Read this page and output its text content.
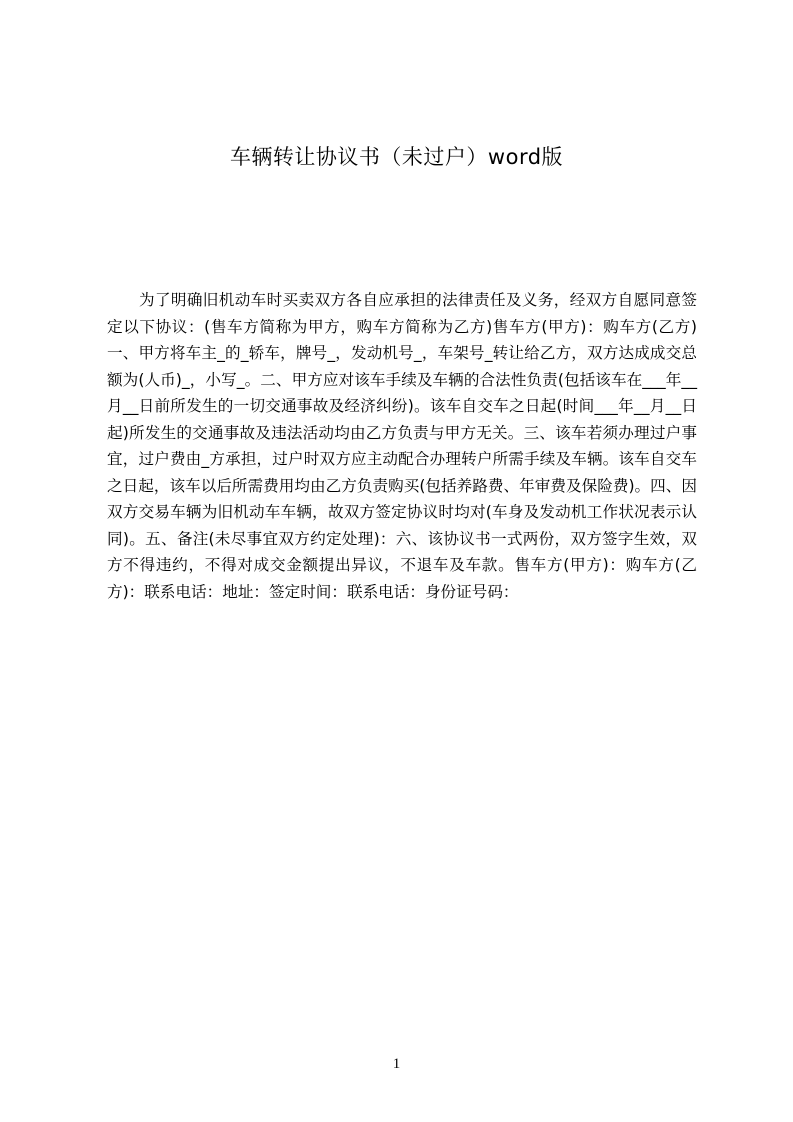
车辆转让协议书（未过户）word版

为了明确旧机动车时买卖双方各自应承担的法律责任及义务，经双方自愿同意签定以下协议：(售车方简称为甲方，购车方简称为乙方)售车方(甲方)：购车方(乙方)一、甲方将车主_的_轿车，牌号_，发动机号_，车架号_转让给乙方，双方达成成交总额为(人币)_，小写_。二、甲方应对该车手续及车辆的合法性负责(包括该车在___年__月__日前所发生的一切交通事故及经济纠纷)。该车自交车之日起(时间___年__月__日起)所发生的交通事故及违法活动均由乙方负责与甲方无关。三、该车若须办理过户事宜，过户费由_方承担，过户时双方应主动配合办理转户所需手续及车辆。该车自交车之日起，该车以后所需费用均由乙方负责购买(包括养路费、年审费及保险费)。四、因双方交易车辆为旧机动车车辆，故双方签定协议时均对(车身及发动机工作状况表示认同)。五、备注(未尽事宜双方约定处理)：六、该协议书一式两份，双方签字生效，双方不得违约，不得对成交金额提出异议，不退车及车款。售车方(甲方)：购车方(乙方)：联系电话：地址：签定时间：联系电话：身份证号码：

1
